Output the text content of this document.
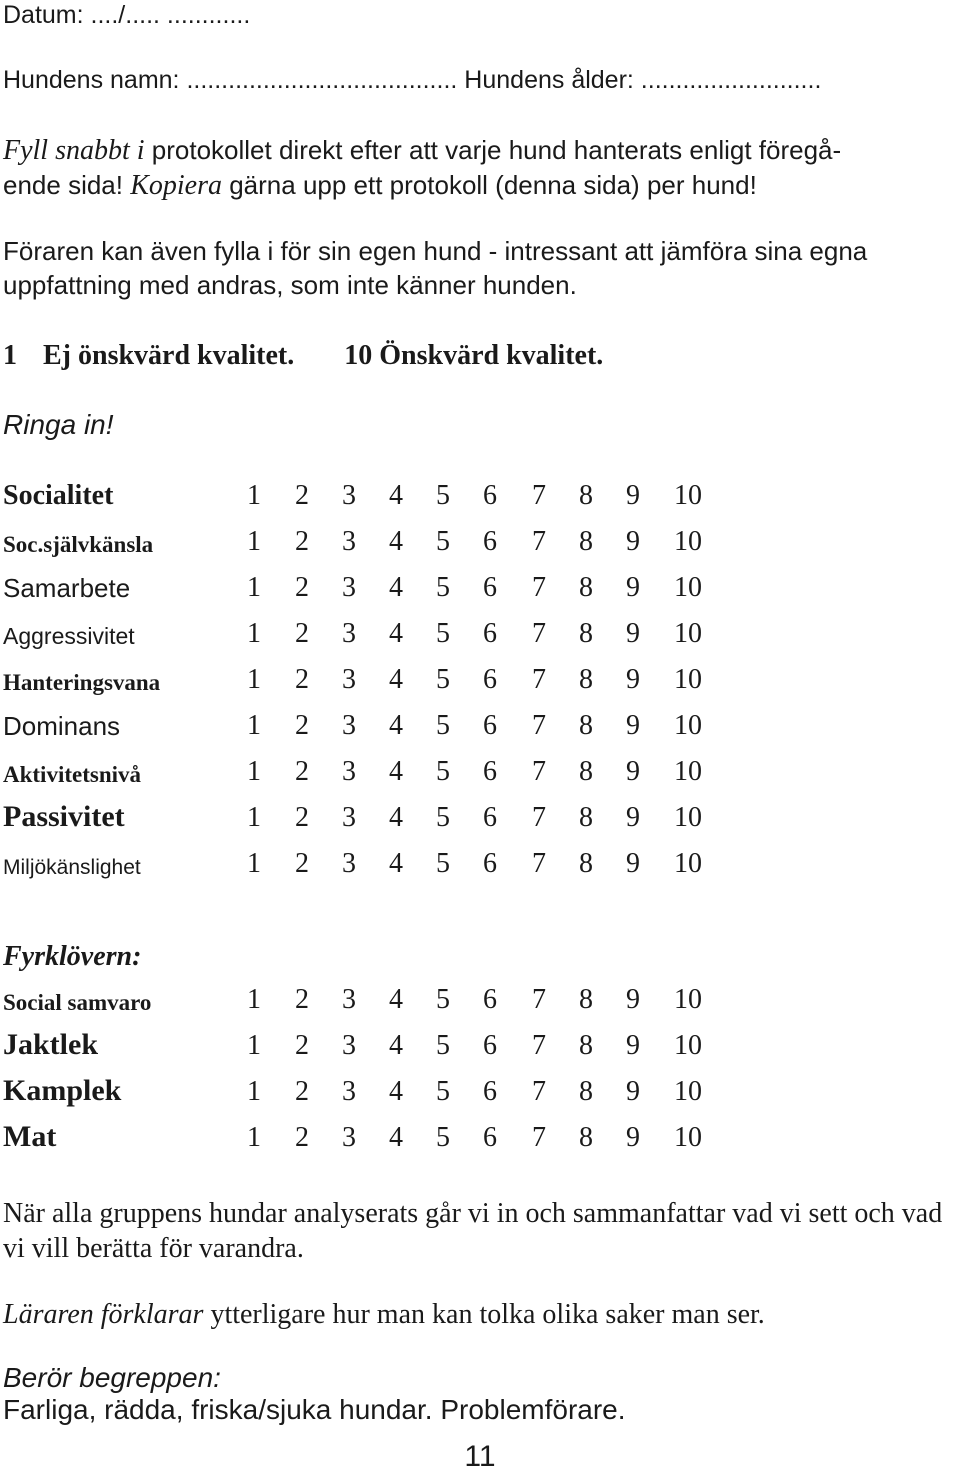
Datum: ..../..... ............
Hundens namn: ....................................... Hundens ålder: ..........................
Fyll snabbt i protokollet direkt efter att varje hund hanterats enligt föregå-
ende sida! Kopiera gärna upp ett protokoll (denna sida) per hund!
Föraren kan även fylla i för sin egen hund - intressant att jämföra sina egna
uppfattning med andras, som inte känner hunden.
1 Ej önskvärd kvalitet. 10 Önskvärd kvalitet.
Ringa in!
Socialitet	1	2	3	4	5	6	7	8	9	10
Soc.självkänsla	1	2	3	4	5	6	7	8	9	10
Samarbete	1	2	3	4	5	6	7	8	9	10
Aggressivitet	1	2	3	4	5	6	7	8	9	10
Hanteringsvana	1	2	3	4	5	6	7	8	9	10
Dominans	1	2	3	4	5	6	7	8	9	10
Aktivitetsnivå	1	2	3	4	5	6	7	8	9	10
Passivitet	1	2	3	4	5	6	7	8	9	10
Miljökänslighet	1	2	3	4	5	6	7	8	9	10
Fyrklövern:
Social samvaro	1	2	3	4	5	6	7	8	9	10
Jaktlek	1	2	3	4	5	6	7	8	9	10
Kamplek	1	2	3	4	5	6	7	8	9	10
Mat	1	2	3	4	5	6	7	8	9	10
När alla gruppens hundar analyserats går vi in och sammanfattar vad vi sett och vad vi vill berätta för varandra.
Läraren förklarar ytterligare hur man kan tolka olika saker man ser.
Berör begreppen:
Farliga, rädda, friska/sjuka hundar. Problemförare.
11
